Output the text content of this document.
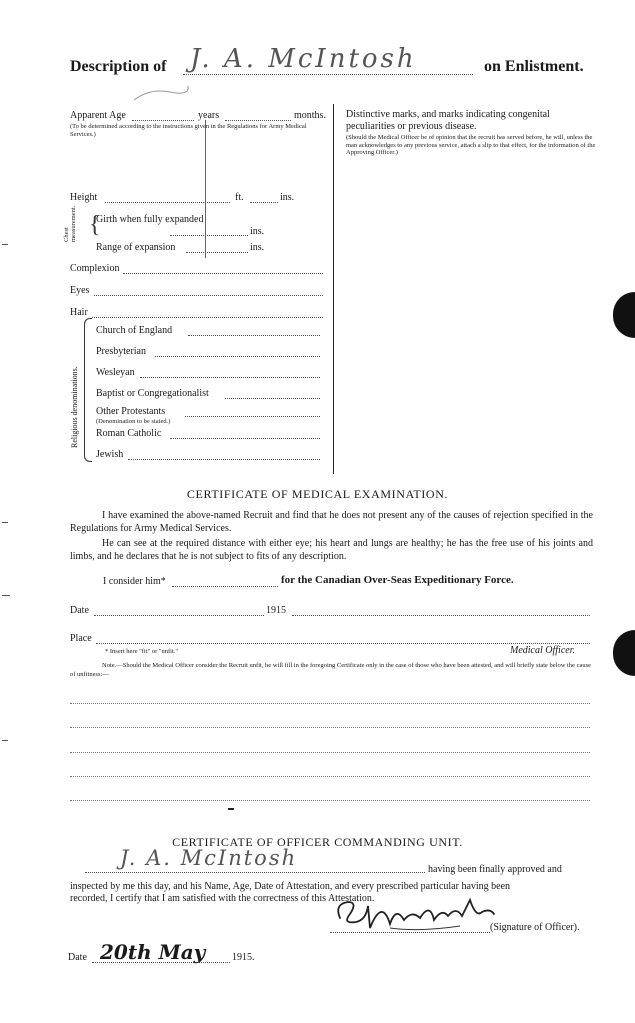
Description of J. A. McIntosh	on Enlistment.
Apparent Age	years	months.
(To be determined according to the instructions given in the Regulations for Army Medical Services.)
Distinctive marks, and marks indicating congenital peculiarities or previous disease.
(Should the Medical Officer be of opinion that the recruit has served before, he will, unless the man acknowledges to any previous service, attach a slip to that effect, for the information of the Approving Officer.)
Height	ft.	ins.
Chest measurement. {
Girth when fully expanded
ins.
Range of expansion	ins.
Complexion
Eyes
Hair
Religious denominations.
Church of England
Presbyterian
Wesleyan
Baptist or Congregationalist
Other Protestants
(Denomination to be stated.)
Roman Catholic
Jewish
CERTIFICATE OF MEDICAL EXAMINATION.
I have examined the above-named Recruit and find that he does not present any of the causes of rejection specified in the Regulations for Army Medical Services.
He can see at the required distance with either eye; his heart and lungs are healthy; he has the free use of his joints and limbs, and he declares that he is not subject to fits of any description.
I consider him*	for the Canadian Over-Seas Expeditionary Force.
Date	1915
Place
* Insert here "fit" or "unfit."	Medical Officer.
Note.—Should the Medical Officer consider the Recruit unfit, he will fill in the foregoing Certificate only in the case of those who have been attested, and will briefly state below the cause of unfitness:—
CERTIFICATE OF OFFICER COMMANDING UNIT.
J. A. McIntosh	having been finally approved and
inspected by me this day, and his Name, Age, Date of Attestation, and every prescribed particular having been
recorded, I certify that I am satisfied with the correctness of this Attestation.
(Signature of Officer).
Date 20th May	1915.
